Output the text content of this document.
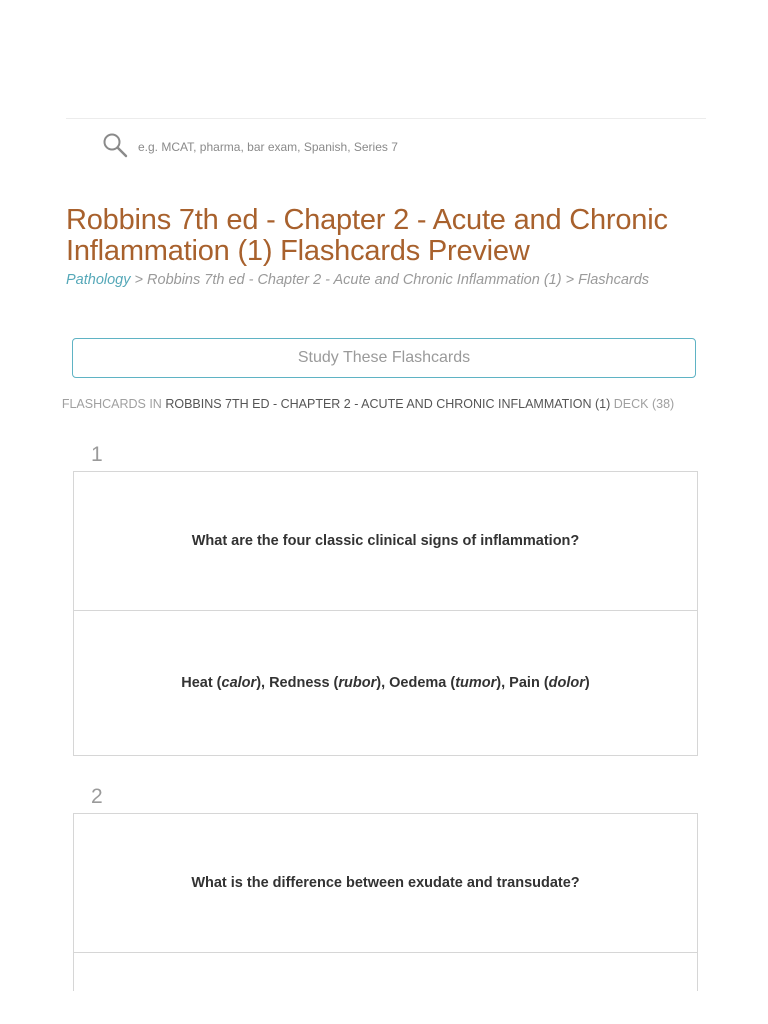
e.g. MCAT, pharma, bar exam, Spanish, Series 7
Robbins 7th ed - Chapter 2 - Acute and Chronic Inflammation (1) Flashcards Preview
Pathology > Robbins 7th ed - Chapter 2 - Acute and Chronic Inflammation (1) > Flashcards
Study These Flashcards
FLASHCARDS IN ROBBINS 7TH ED - CHAPTER 2 - ACUTE AND CHRONIC INFLAMMATION (1) DECK (38)
1
What are the four classic clinical signs of inflammation?
Heat ( calor ), Redness ( rubor ), Oedema ( tumor ), Pain ( dolor )
2
What is the difference between exudate and transudate?
